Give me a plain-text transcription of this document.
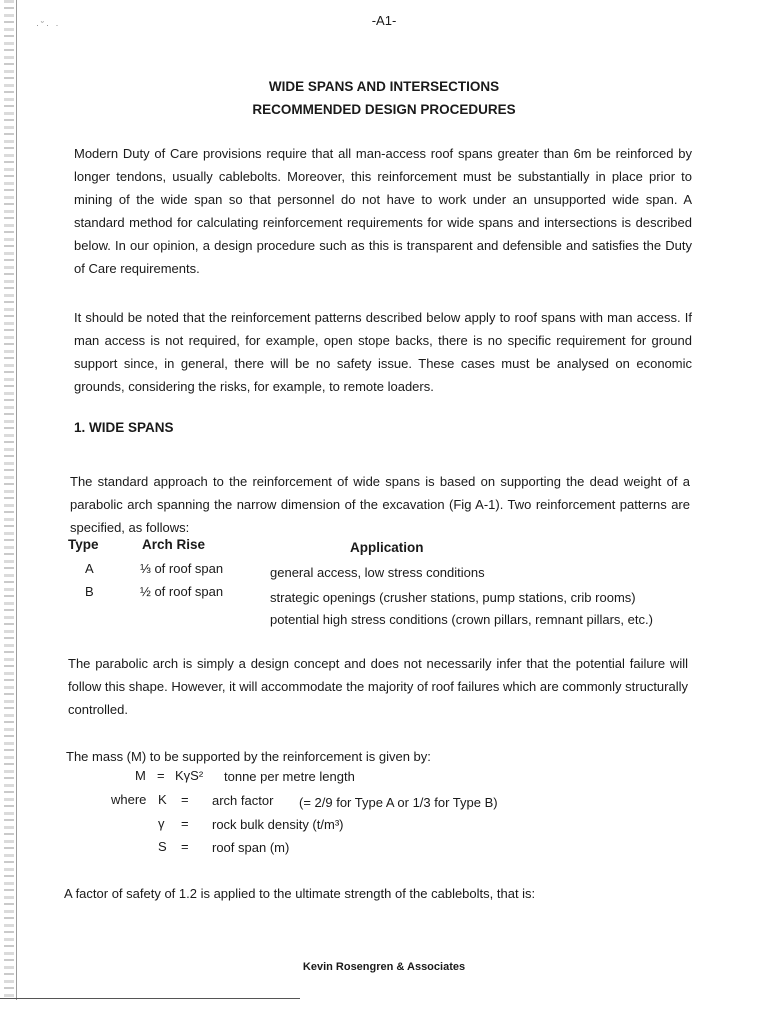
·˘· ·	-A1-
WIDE SPANS AND INTERSECTIONS
RECOMMENDED DESIGN PROCEDURES

Modern Duty of Care provisions require that all man-access roof spans greater than 6m be reinforced by longer tendons, usually cablebolts. Moreover, this reinforcement must be substantially in place prior to mining of the wide span so that personnel do not have to work under an unsupported wide span. A standard method for calculating reinforcement requirements for wide spans and intersections is described below. In our opinion, a design procedure such as this is transparent and defensible and satisfies the Duty of Care requirements.

It should be noted that the reinforcement patterns described below apply to roof spans with man access. If man access is not required, for example, open stope backs, there is no specific requirement for ground support since, in general, there will be no safety issue. These cases must be analysed on economic grounds, considering the risks, for example, to remote loaders.

1. WIDE SPANS

The standard approach to the reinforcement of wide spans is based on supporting the dead weight of a parabolic arch spanning the narrow dimension of the excavation (Fig A-1). Two reinforcement patterns are specified, as follows:

Type	Arch Rise	Application
A	⅓ of roof span	general access, low stress conditions
B	½ of roof span	strategic openings (crusher stations, pump stations, crib rooms)
potential high stress conditions (crown pillars, remnant pillars, etc.)

The parabolic arch is simply a design concept and does not necessarily infer that the potential failure will follow this shape. However, it will accommodate the majority of roof failures which are commonly structurally controlled.

The mass (M) to be supported by the reinforcement is given by:

M = KγS² tonne per metre length
where K = arch factor (= 2/9 for Type A or 1/3 for Type B)
γ = rock bulk density (t/m³)
S = roof span (m)

A factor of safety of 1.2 is applied to the ultimate strength of the cablebolts, that is:

Kevin Rosengren & Associates
